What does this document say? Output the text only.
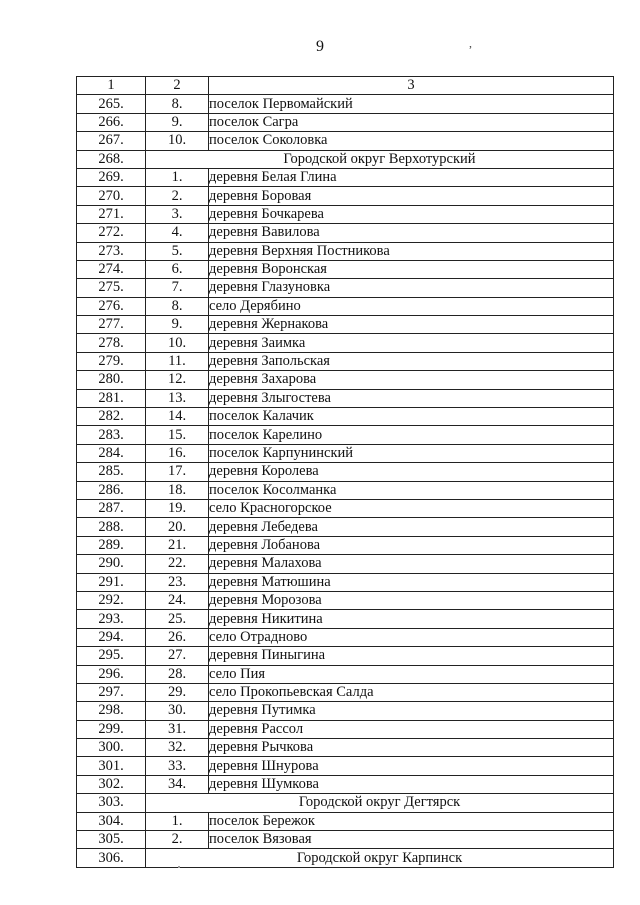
9	,
1	2	3
265.	8.	поселок Первомайский
266.	9.	поселок Сагра
267.	10.	поселок Соколовка
268.	Городской округ Верхотурский	
269.	1.	деревня Белая Глина
270.	2.	деревня Боровая
271.	3.	деревня Бочкарева
272.	4.	деревня Вавилова
273.	5.	деревня Верхняя Постникова
274.	6.	деревня Воронская
275.	7.	деревня Глазуновка
276.	8.	село Дерябино
277.	9.	деревня Жернакова
278.	10.	деревня Заимка
279.	11.	деревня Запольская
280.	12.	деревня Захарова
281.	13.	деревня Злыгостева
282.	14.	поселок Калачик
283.	15.	поселок Карелино
284.	16.	поселок Карпунинский
285.	17.	деревня Королева
286.	18.	поселок Косолманка
287.	19.	село Красногорское
288.	20.	деревня Лебедева
289.	21.	деревня Лобанова
290.	22.	деревня Малахова
291.	23.	деревня Матюшина
292.	24.	деревня Морозова
293.	25.	деревня Никитина
294.	26.	село Отрадново
295.	27.	деревня Пиныгина
296.	28.	село Пия
297.	29.	село Прокопьевская Салда
298.	30.	деревня Путимка
299.	31.	деревня Рассол
300.	32.	деревня Рычкова
301.	33.	деревня Шнурова
302.	34.	деревня Шумкова
303.	Городской округ Дегтярск	
304.	1.	поселок Бережок
305.	2.	поселок Вязовая
306.	Городской округ Карпинск	
